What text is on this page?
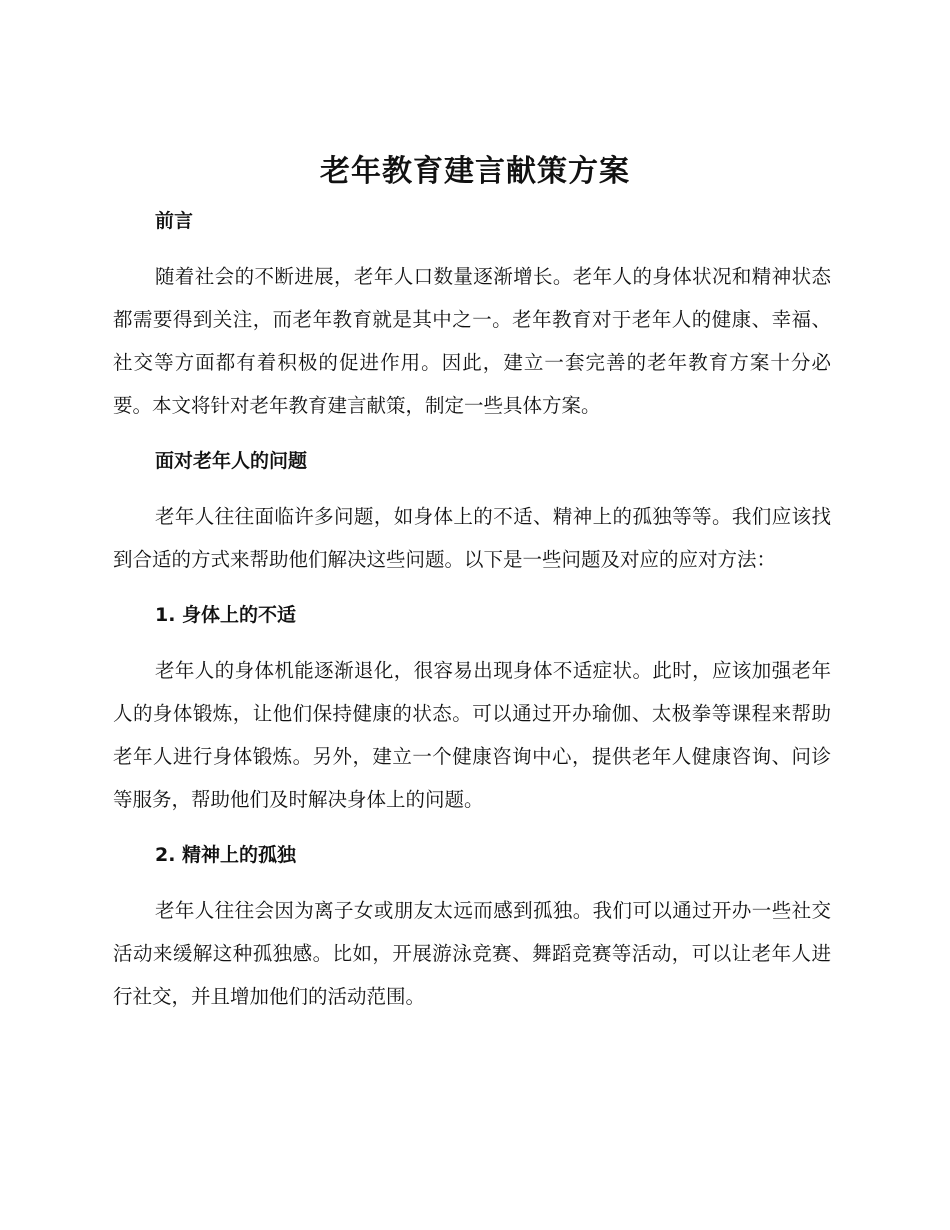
老年教育建言献策方案
前言

随着社会的不断进展，老年人口数量逐渐增长。老年人的身体状况和精神状态都需要得到关注，而老年教育就是其中之一。老年教育对于老年人的健康、幸福、社交等方面都有着积极的促进作用。因此，建立一套完善的老年教育方案十分必要。本文将针对老年教育建言献策，制定一些具体方案。

面对老年人的问题

老年人往往面临许多问题，如身体上的不适、精神上的孤独等等。我们应该找到合适的方式来帮助他们解决这些问题。以下是一些问题及对应的应对方法：

1. 身体上的不适

老年人的身体机能逐渐退化，很容易出现身体不适症状。此时，应该加强老年人的身体锻炼，让他们保持健康的状态。可以通过开办瑜伽、太极拳等课程来帮助老年人进行身体锻炼。另外，建立一个健康咨询中心，提供老年人健康咨询、问诊等服务，帮助他们及时解决身体上的问题。

2. 精神上的孤独

老年人往往会因为离子女或朋友太远而感到孤独。我们可以通过开办一些社交活动来缓解这种孤独感。比如，开展游泳竞赛、舞蹈竞赛等活动，可以让老年人进行社交，并且增加他们的活动范围。
